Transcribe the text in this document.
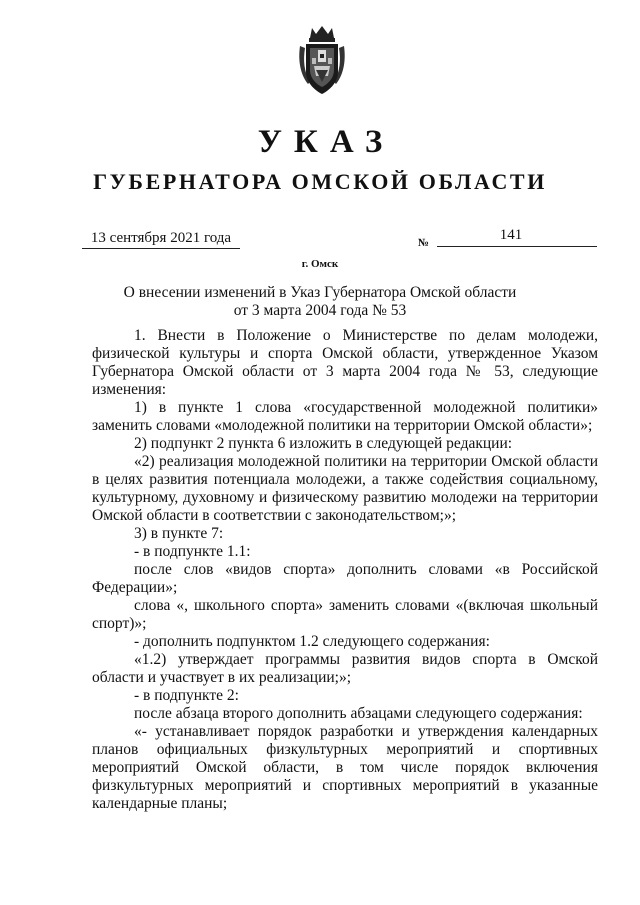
УКАЗ
ГУБЕРНАТОРА ОМСКОЙ ОБЛАСТИ
13 сентября 2021 года	№	141
г. Омск
О внесении изменений в Указ Губернатора Омской области
от 3 марта 2004 года № 53

1. Внести в Положение о Министерстве по делам молодежи, физической культуры и спорта Омской области, утвержденное Указом Губернатора Омской области от 3 марта 2004 года № 53, следующие изменения:

1) в пункте 1 слова «государственной молодежной политики» заменить словами «молодежной политики на территории Омской области»;

2) подпункт 2 пункта 6 изложить в следующей редакции:

«2) реализация молодежной политики на территории Омской области в целях развития потенциала молодежи, а также содействия социальному, культурному, духовному и физическому развитию молодежи на территории Омской области в соответствии с законодательством;»;

3) в пункте 7:

- в подпункте 1.1:

после слов «видов спорта» дополнить словами «в Российской Федерации»;

слова «, школьного спорта» заменить словами «(включая школьный спорт)»;

- дополнить подпунктом 1.2 следующего содержания:

«1.2) утверждает программы развития видов спорта в Омской области и участвует в их реализации;»;

- в подпункте 2:

после абзаца второго дополнить абзацами следующего содержания:

«- устанавливает порядок разработки и утверждения календарных планов официальных физкультурных мероприятий и спортивных мероприятий Омской области, в том числе порядок включения физкультурных мероприятий и спортивных мероприятий в указанные календарные планы;
